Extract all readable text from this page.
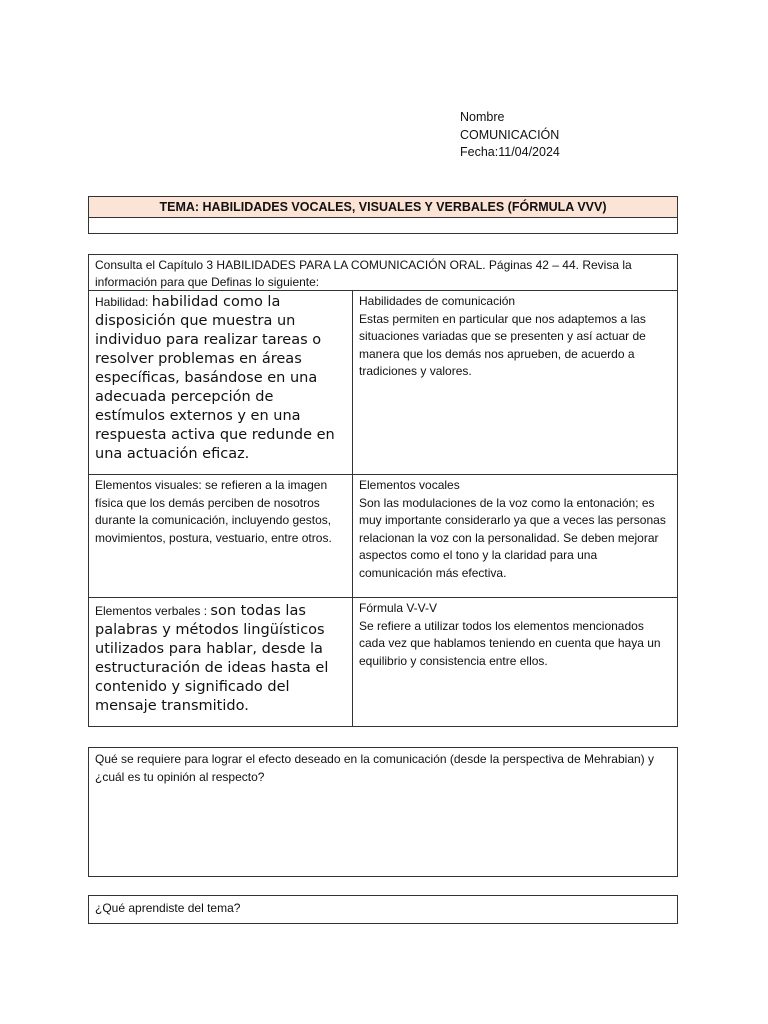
Nombre
COMUNICACIÓN
Fecha:11/04/2024
TEMA: HABILIDADES VOCALES, VISUALES Y VERBALES (FÓRMULA VVV)
Consulta el Capítulo 3 HABILIDADES PARA LA COMUNICACIÓN ORAL. Páginas 42 – 44. Revisa la información para que Definas lo siguiente:
Habilidad: habilidad como la disposición que muestra un individuo para realizar tareas o resolver problemas en áreas específicas, basándose en una adecuada percepción de estímulos externos y en una respuesta activa que redunde en una actuación eficaz.
Habilidades de comunicación
Estas permiten en particular que nos adaptemos a las situaciones variadas que se presenten y así actuar de manera que los demás nos aprueben, de acuerdo a tradiciones y valores.
Elementos visuales: se refieren a la imagen física que los demás perciben de nosotros durante la comunicación, incluyendo gestos, movimientos, postura, vestuario, entre otros.
Elementos vocales
Son las modulaciones de la voz como la entonación; es muy importante considerarlo ya que a veces las personas relacionan la voz con la personalidad. Se deben mejorar aspectos como el tono y la claridad para una comunicación más efectiva.
Elementos verbales : son todas las palabras y métodos lingüísticos utilizados para hablar, desde la estructuración de ideas hasta el contenido y significado del mensaje transmitido.
Fórmula V-V-V
Se refiere a utilizar todos los elementos mencionados cada vez que hablamos teniendo en cuenta que haya un equilibrio y consistencia entre ellos.
Qué se requiere para lograr el efecto deseado en la comunicación (desde la perspectiva de Mehrabian) y ¿cuál es tu opinión al respecto?
¿Qué aprendiste del tema?
